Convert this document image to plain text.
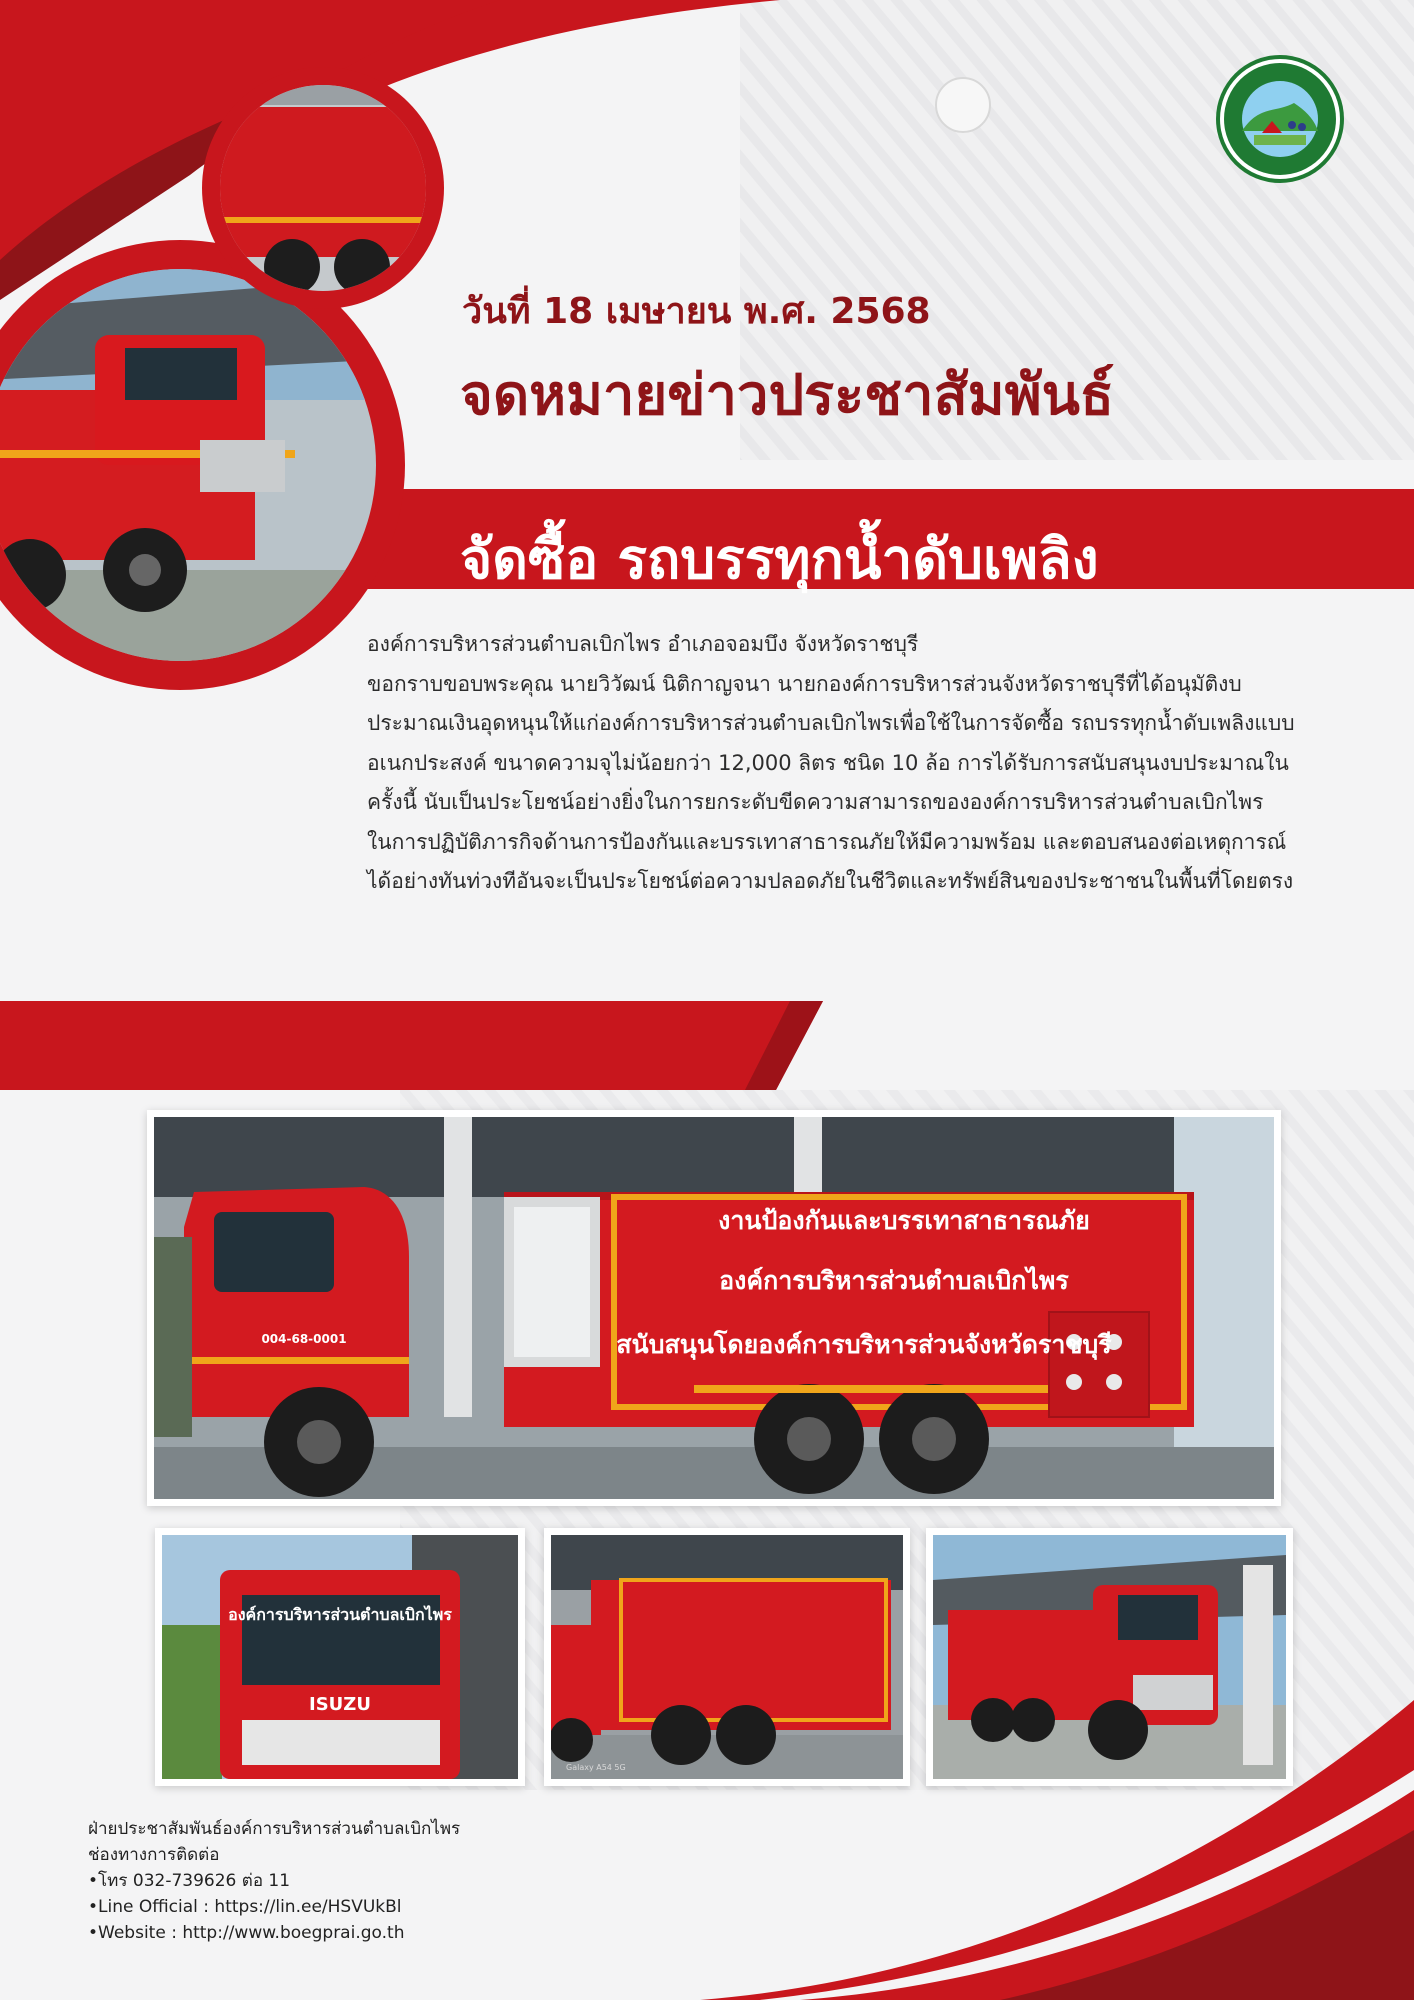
วันที่ 18 เมษายน พ.ศ. 2568
จดหมายข่าวประชาสัมพันธ์
จัดซื้อ รถบรรทุกน้ำดับเพลิง

องค์การบริหารส่วนตำบลเบิกไพร อำเภอจอมบึง จังหวัดราชบุรี

ขอกราบขอบพระคุณ นายวิวัฒน์ นิติกาญจนา นายกองค์การบริหารส่วนจังหวัดราชบุรีที่ได้อนุมัติงบประมาณเงินอุดหนุนให้แก่องค์การบริหารส่วนตำบลเบิกไพรเพื่อใช้ในการจัดซื้อ รถบรรทุกน้ำดับเพลิงแบบอเนกประสงค์ ขนาดความจุไม่น้อยกว่า 12,000 ลิตร ชนิด 10 ล้อ การได้รับการสนับสนุนงบประมาณในครั้งนี้ นับเป็นประโยชน์อย่างยิ่งในการยกระดับขีดความสามารถขององค์การบริหารส่วนตำบลเบิกไพร

ในการปฏิบัติภารกิจด้านการป้องกันและบรรเทาสาธารณภัยให้มีความพร้อม และตอบสนองต่อเหตุการณ์ได้อย่างทันท่วงทีอันจะเป็นประโยชน์ต่อความปลอดภัยในชีวิตและทรัพย์สินของประชาชนในพื้นที่โดยตรง

งานป้องกันและบรรเทาสาธารณภัย
องค์การบริหารส่วนตำบลเบิกไพร
สนับสนุนโดยองค์การบริหารส่วนจังหวัดราชบุรี
004-68-0001
องค์การบริหารส่วนตำบลเบิกไพร
ISUZU
Galaxy A54 5G
ฝ่ายประชาสัมพันธ์องค์การบริหารส่วนตำบลเบิกไพร
ช่องทางการติดต่อ
•โทร 032-739626 ต่อ 11
•Line Official : https://lin.ee/HSVUkBl
•Website : http://www.boegprai.go.th
